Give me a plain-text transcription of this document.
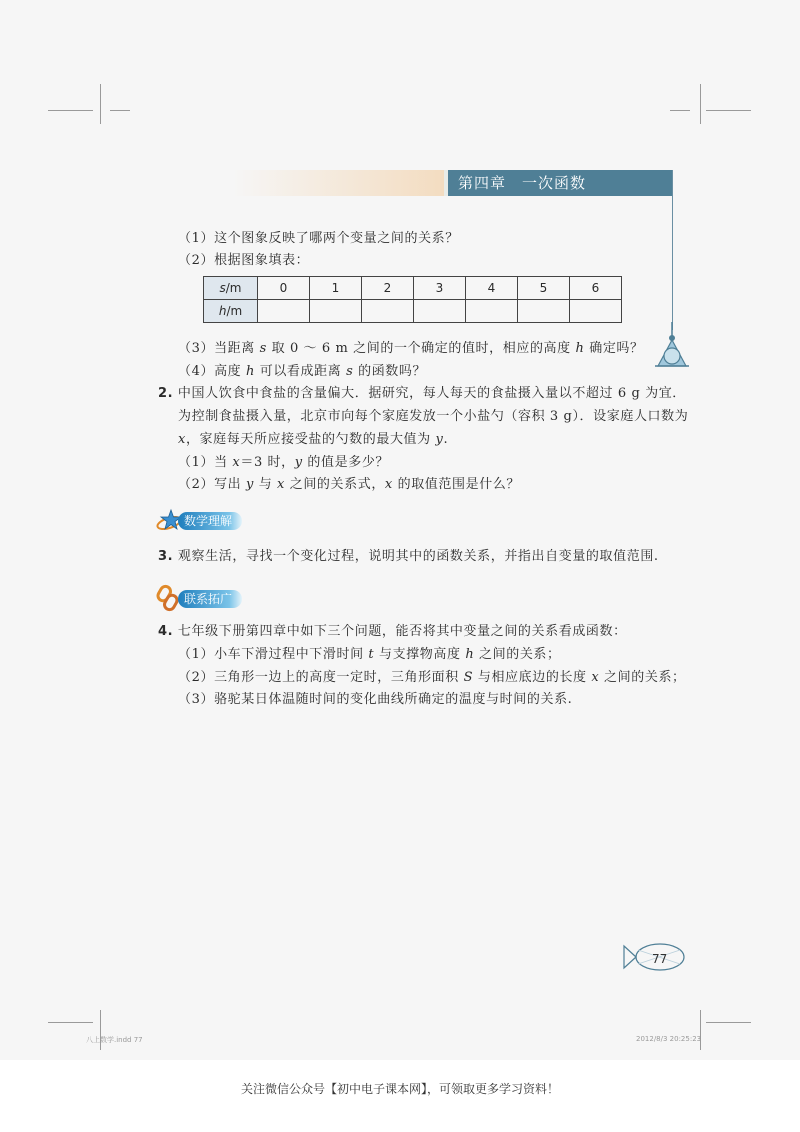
第四章　一次函数
（1）这个图象反映了哪两个变量之间的关系？
（2）根据图象填表：
s/m	0	1	2	3	4	5	6
h/m							
（3）当距离 s 取 0 ～ 6 m 之间的一个确定的值时，相应的高度 h 确定吗？
（4）高度 h 可以看成距离 s 的函数吗？
2. 中国人饮食中食盐的含量偏大．据研究，每人每天的食盐摄入量以不超过 6 g 为宜．
为控制食盐摄入量，北京市向每个家庭发放一个小盐勺（容积 3 g）．设家庭人口数为
x，家庭每天所应接受盐的勺数的最大值为 y.
（1）当 x＝3 时，y 的值是多少？
（2）写出 y 与 x 之间的关系式，x 的取值范围是什么？
数学理解
3. 观察生活，寻找一个变化过程，说明其中的函数关系，并指出自变量的取值范围.
联系拓广
4. 七年级下册第四章中如下三个问题，能否将其中变量之间的关系看成函数：
（1）小车下滑过程中下滑时间 t 与支撑物高度 h 之间的关系；
（2）三角形一边上的高度一定时，三角形面积 S 与相应底边的长度 x 之间的关系；
（3）骆驼某日体温随时间的变化曲线所确定的温度与时间的关系.
77
八上数学.indd 77	2012/8/3 20:25:23
关注微信公众号【初中电子课本网】，可领取更多学习资料！
